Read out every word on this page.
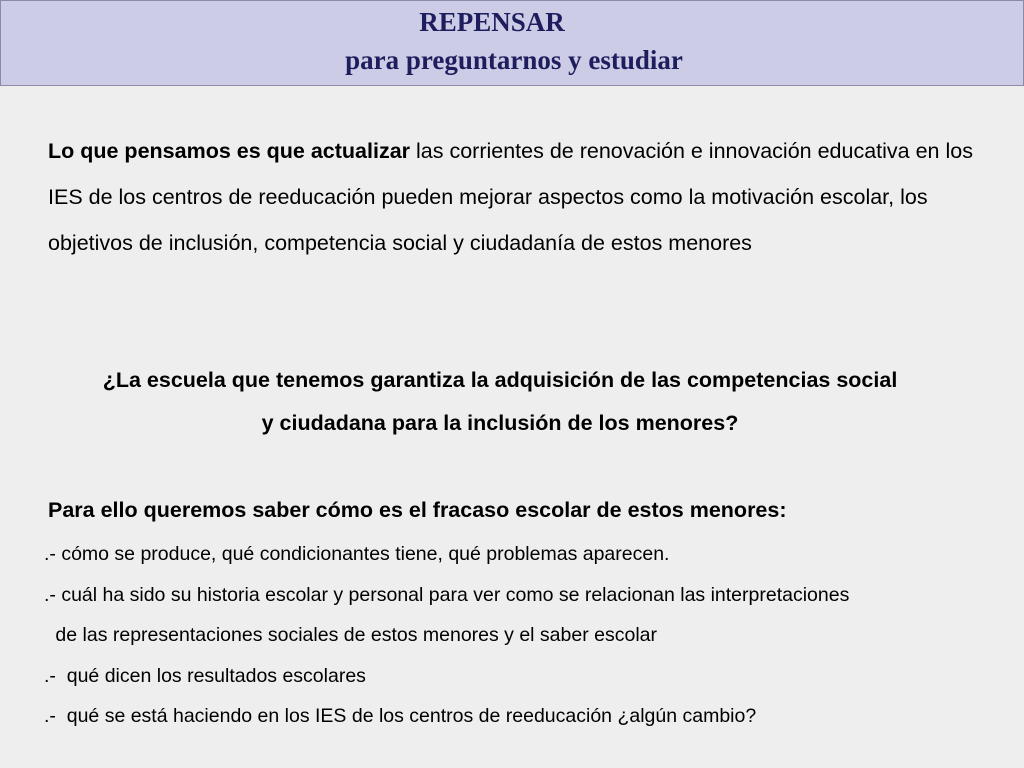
REPENSAR
para preguntarnos y estudiar
Lo que pensamos es que actualizar las corrientes de renovación e innovación educativa en los IES de los centros de reeducación pueden mejorar aspectos como la motivación escolar, los objetivos de inclusión, competencia social y ciudadanía de estos menores
¿La escuela que tenemos garantiza la adquisición de las competencias social
y ciudadana para la inclusión de los menores?
Para ello queremos saber cómo es el fracaso escolar de estos menores:
.- cómo se produce, qué condicionantes tiene, qué problemas aparecen.
.- cuál ha sido su historia escolar y personal para ver como se relacionan las interpretaciones
de las representaciones sociales de estos menores y el saber escolar
.-  qué dicen los resultados escolares
.-  qué se está haciendo en los IES de los centros de reeducación ¿algún cambio?
